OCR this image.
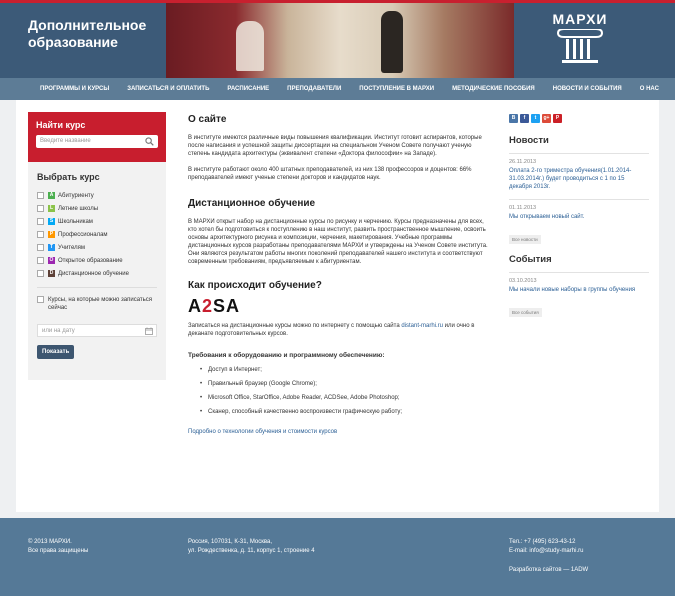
Дополнительное образование
МАРХИ
ПРОГРАММЫ И КУРСЫ	ЗАПИСАТЬСЯ И ОПЛАТИТЬ	РАСПИСАНИЕ	ПРЕПОДАВАТЕЛИ	ПОСТУПЛЕНИЕ В МАРХИ	МЕТОДИЧЕСКИЕ ПОСОБИЯ	НОВОСТИ И СОБЫТИЯ	О НАС
Найти курс
Введите название
Выбрать курс
A Абитуриенту
L Летние школы
S Школьникам
P Профессионалам
T Учителям
O Открытое образование
D Дистанционное обучение
Курсы, на которые можно записаться сейчас
или на дату
Показать
О сайте

В институте имеются различные виды повышения квалификации. Институт готовит аспирантов, которые после написания и успешной защиты диссертации на специальном Ученом Совете получают ученую степень кандидата архитектуры (эквивалент степени «Доктора философии» на Западе).

В институте работают около 400 штатных преподавателей, из них 138 профессоров и доцентов: 66% преподавателей имеют ученые степени докторов и кандидатов наук.

Дистанционное обучение

В МАРХИ открыт набор на дистанционные курсы по рисунку и черчению. Курсы предназначены для всех, кто хотел бы подготовиться к поступлению в наш институт, развить пространственное мышление, освоить основы архитектурного рисунка и композиции, черчения, макетирования. Учебные программы дистанционных курсов разработаны преподавателями МАРХИ и утверждены на Ученом Совете института. Они являются результатом работы многих поколений преподавателей нашего института и соответствуют современным требованиям, предъявляемым к абитуриентам.

Как происходит обучение?
A2SA

Записаться на дистанционные курсы можно по интернету с помощью сайта distant-marhi.ru или очно в деканате подготовительных курсов.

Требования к оборудованию и программному обеспечению:
• Доступ в Интернет;
• Правильный браузер (Google Chrome);
• Microsoft Office, StarOffice, Adobe Reader, ACDSee, Adobe Photoshop;
• Сканер, способный качественно воспроизвести графическую работу;

Подробно о технологии обучения и стоимости курсов

B	f	t	g+	P
Новости
26.11.2013
Оплата 2-го триместра обучения(1.01.2014- 31.03.2014г.) будет проводиться с 1 по 15 декабря 2013г.
01.11.2013
Мы открываем новый сайт.
Все новости
События
03.10.2013
Мы начали новые наборы в группы обучения
Все события
© 2013 МАРХИ.
Все права защищены
Россия, 107031, К-31, Москва,
ул. Рождественка, д. 11, корпус 1, строение 4
Тел.: +7 (495) 623-43-12
E-mail: info@study-marhi.ru
Разработка сайтов — 1ADW
